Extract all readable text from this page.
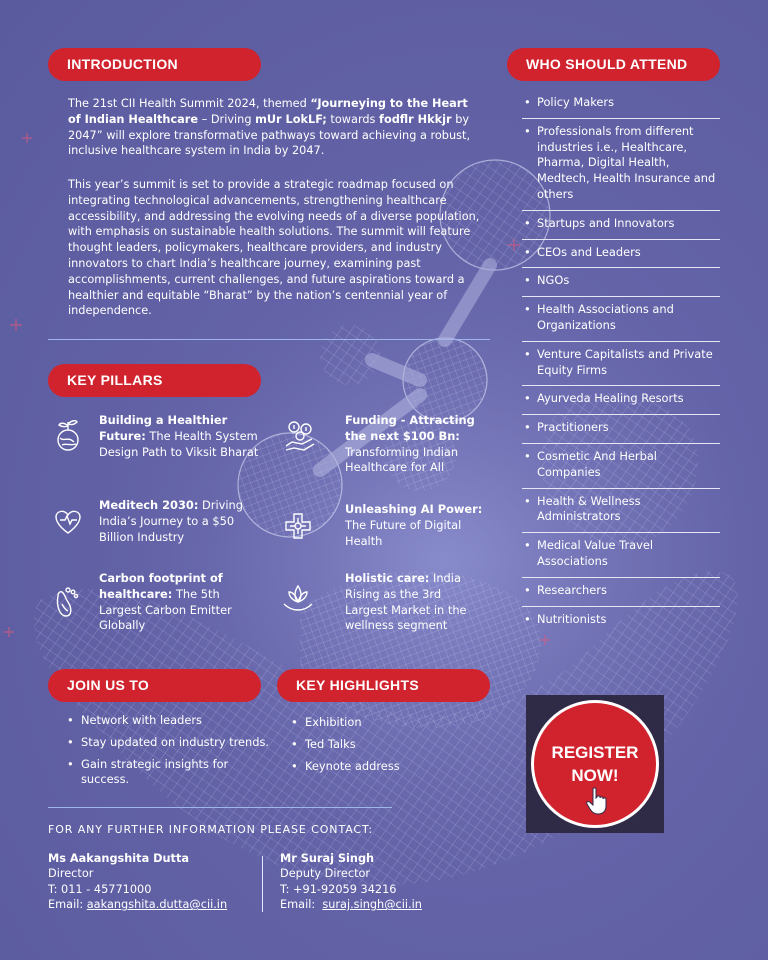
INTRODUCTION

The 21st CII Health Summit 2024, themed “Journeying to the Heart of Indian Healthcare – Driving mUr LokLF; towards fodflr Hkkjr by 2047” will explore transformative pathways toward achieving a robust, inclusive healthcare system in India by 2047.

This year’s summit is set to provide a strategic roadmap focused on integrating technological advancements, strengthening healthcare accessibility, and addressing the evolving needs of a diverse population, with emphasis on sustainable health solutions. The summit will feature thought leaders, policymakers, healthcare providers, and industry innovators to chart India’s healthcare journey, examining past accomplishments, current challenges, and future aspirations toward a healthier and equitable “Bharat” by the nation’s centennial year of independence.

KEY PILLARS
Building a Healthier Future: The Health System Design Path to Viksit Bharat
Funding - Attracting the next $100 Bn: Transforming Indian Healthcare for All
Meditech 2030: Driving India’s Journey to a $50 Billion Industry
Unleashing AI Power: The Future of Digital Health
Carbon footprint of healthcare: The 5th Largest Carbon Emitter Globally
Holistic care: India Rising as the 3rd Largest Market in the wellness segment
WHO SHOULD ATTEND
• Policy Makers
• Professionals from different industries i.e., Healthcare, Pharma, Digital Health, Medtech, Health Insurance and others
• Startups and Innovators
• CEOs and Leaders
• NGOs
• Health Associations and Organizations
• Venture Capitalists and Private Equity Firms
• Ayurveda Healing Resorts
• Practitioners
• Cosmetic And Herbal Companies
• Health & Wellness Administrators
• Medical Value Travel Associations
• Researchers
• Nutritionists
JOIN US TO
• Network with leaders
• Stay updated on industry trends.
• Gain strategic insights for success.
KEY HIGHLIGHTS
• Exhibition
• Ted Talks
• Keynote address
REGISTER
NOW!
FOR ANY FURTHER INFORMATION PLEASE CONTACT:
Ms Aakangshita Dutta
Director
T: 011 - 45771000
Email: aakangshita.dutta@cii.in
Mr Suraj Singh
Deputy Director
T: +91-92059 34216
Email:  suraj.singh@cii.in
